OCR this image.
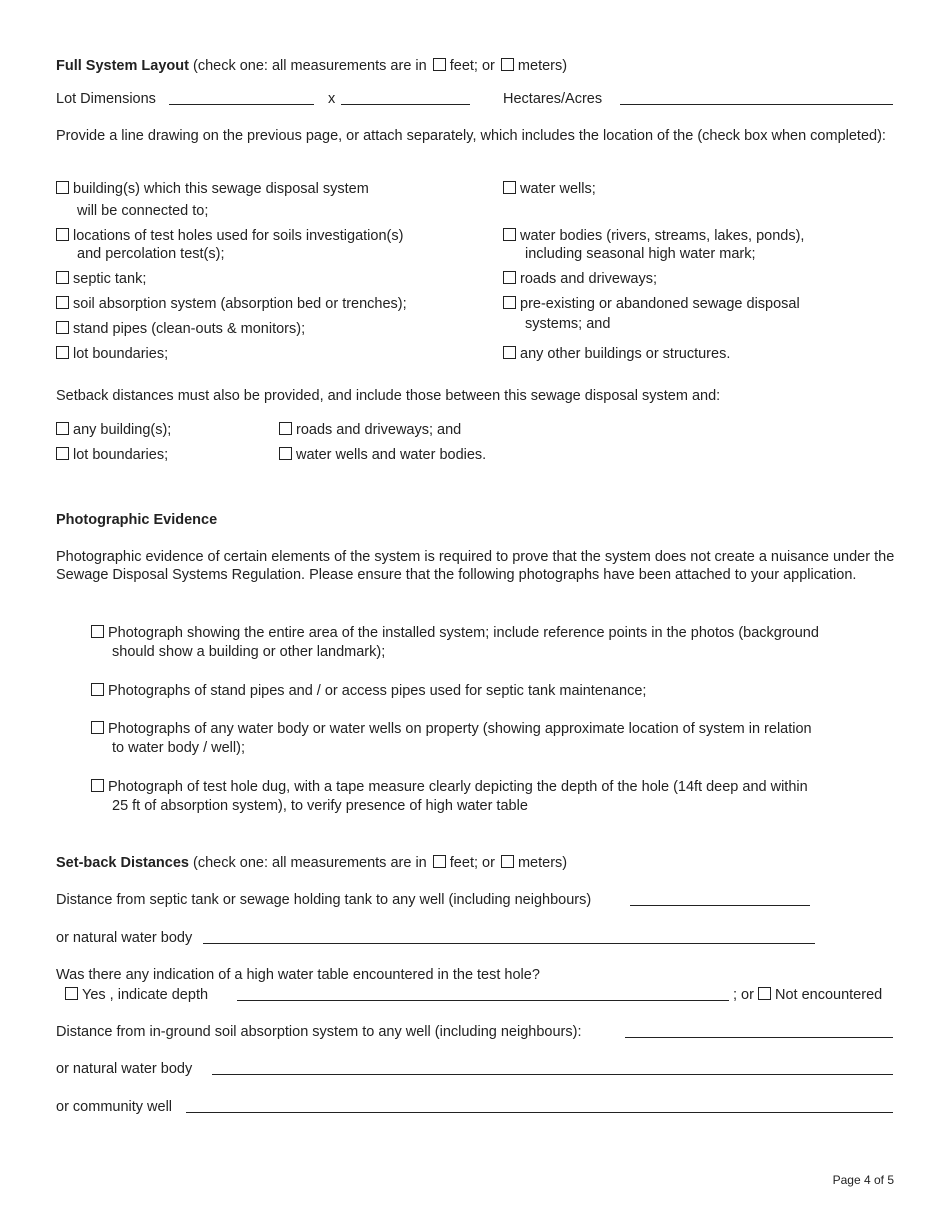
Full System Layout (check one: all measurements are in feet; or meters)
Lot Dimensions	x	Hectares/Acres
Provide a line drawing on the previous page, or attach separately, which includes the location of the (check box when completed):
building(s) which this sewage disposal system
will be connected to;
locations of test holes used for soils investigation(s)
and percolation test(s);
septic tank;
soil absorption system (absorption bed or trenches);
stand pipes (clean-outs & monitors);
lot boundaries;
water wells;
water bodies (rivers, streams, lakes, ponds),
including seasonal high water mark;
roads and driveways;
pre-existing or abandoned sewage disposal
systems; and
any other buildings or structures.
Setback distances must also be provided, and include those between this sewage disposal system and:
any building(s);	roads and driveways; and
lot boundaries;	water wells and water bodies.
Photographic Evidence
Photographic evidence of certain elements of the system is required to prove that the system does not create a nuisance under the Sewage Disposal Systems Regulation. Please ensure that the following photographs have been attached to your application.
Photograph showing the entire area of the installed system; include reference points in the photos (background
should show a building or other landmark);
Photographs of stand pipes and / or access pipes used for septic tank maintenance;
Photographs of any water body or water wells on property (showing approximate location of system in relation
to water body / well);
Photograph of test hole dug, with a tape measure clearly depicting the depth of the hole (14ft deep and within
25 ft of absorption system), to verify presence of high water table
Set-back Distances (check one: all measurements are in feet; or meters)
Distance from septic tank or sewage holding tank to any well (including neighbours)
or natural water body
Was there any indication of a high water table encountered in the test hole?
Yes , indicate depth	; or Not encountered
Distance from in-ground soil absorption system to any well (including neighbours):
or natural water body
or community well
Page 4 of 5
